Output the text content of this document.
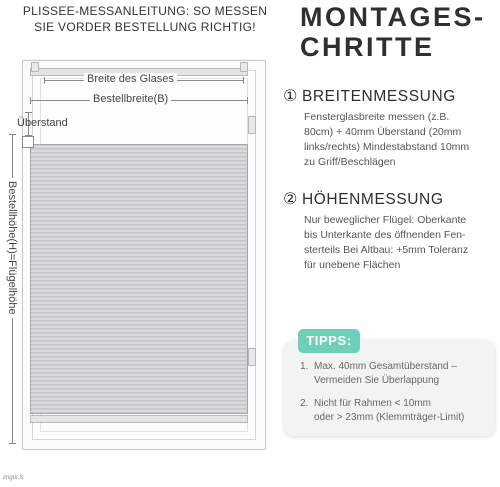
PLISSEE-MESSANLEITUNG: SO MESSEN
SIE VORDER BESTELLUNG RICHTIG!	MONTAGES-
CHRITTE
Breite des Glases
Bestellbreite(B)
Überstand
Bestellhöhe(H)=Flügelhöhe
① BREITENMESSUNG
Fensterglasbreite messen (z.B.
80cm) + 40mm Überstand (20mm
links/rechts) Mindestabstand 10mm
zu Griff/Beschlägen
② HÖHENMESSUNG
Nur beweglicher Flügel: Oberkante
bis Unterkante des öffnenden Fen-
sterteils Bei Altbau: +5mm Toleranz
für unebene Flächen
TIPPS:
1. Max. 40mm Gesamtüberstand –
Vermeiden Sie Überlappung
2. Nicht für Rahmen < 10mm
oder > 23mm (Klemmträger-Limit)
imgur.ls
